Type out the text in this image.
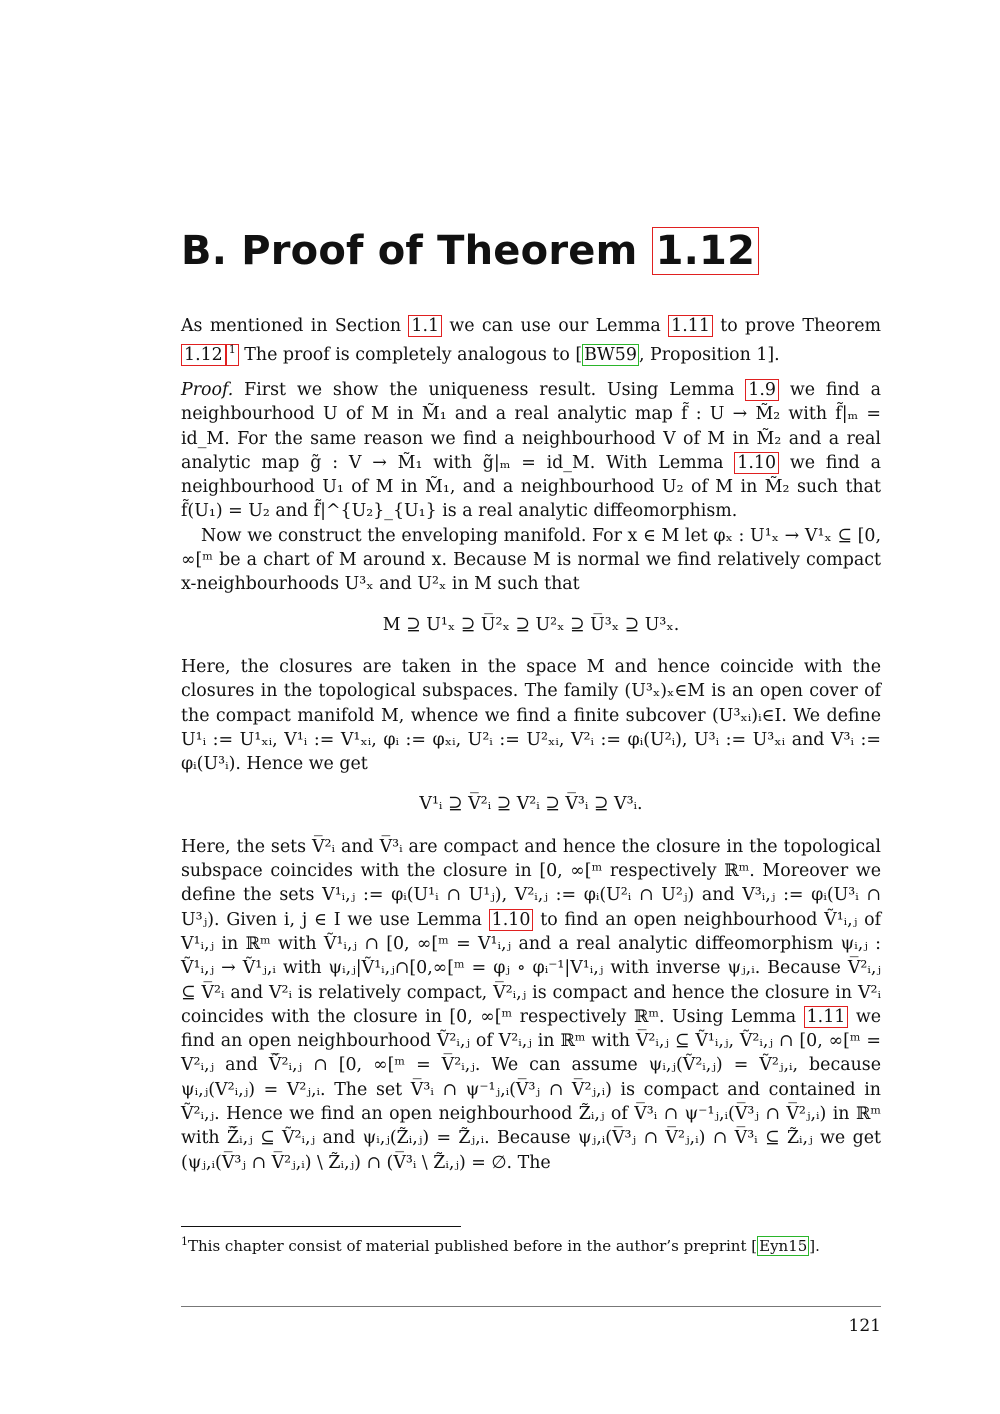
B. Proof of Theorem 1.12
As mentioned in Section 1.1 we can use our Lemma 1.11 to prove Theorem 1.12 $^1$ The proof is completely analogous to [ BW59 , Proposition 1].

Proof. First we show the uniqueness result. Using Lemma 1.9 we find a neighbourhood U of M in M̃₁ and a real analytic map f̃ : U → M̃₂ with f̃|ₘ = id_M. For the same reason we find a neighbourhood V of M in M̃₂ and a real analytic map g̃ : V → M̃₁ with g̃|ₘ = id_M. With Lemma 1.10 we find a neighbourhood U₁ of M in M̃₁, and a neighbourhood U₂ of M in M̃₂ such that f̃(U₁) = U₂ and f̃|^{U₂}_{U₁} is a real analytic diffeomorphism.

Now we construct the enveloping manifold. For x ∈ M let φₓ : U¹ₓ → V¹ₓ ⊆ [0, ∞[ᵐ be a chart of M around x. Because M is normal we find relatively compact x-neighbourhoods U³ₓ and U²ₓ in M such that

M ⊇ U¹ₓ ⊇ U̅²ₓ ⊇ U²ₓ ⊇ U̅³ₓ ⊇ U³ₓ.

Here, the closures are taken in the space M and hence coincide with the closures in the topological subspaces. The family (U³ₓ)ₓ∈M is an open cover of the compact manifold M, whence we find a finite subcover (U³ₓᵢ)ᵢ∈I. We define U¹ᵢ := U¹ₓᵢ, V¹ᵢ := V¹ₓᵢ, φᵢ := φₓᵢ, U²ᵢ := U²ₓᵢ, V²ᵢ := φᵢ(U²ᵢ), U³ᵢ := U³ₓᵢ and V³ᵢ := φᵢ(U³ᵢ). Hence we get

V¹ᵢ ⊇ V̅²ᵢ ⊇ V²ᵢ ⊇ V̅³ᵢ ⊇ V³ᵢ.

Here, the sets V̅²ᵢ and V̅³ᵢ are compact and hence the closure in the topological subspace coincides with the closure in [0, ∞[ᵐ respectively ℝᵐ. Moreover we define the sets V¹ᵢ,ⱼ := φᵢ(U¹ᵢ ∩ U¹ⱼ), V²ᵢ,ⱼ := φᵢ(U²ᵢ ∩ U²ⱼ) and V³ᵢ,ⱼ := φᵢ(U³ᵢ ∩ U³ⱼ). Given i, j ∈ I we use Lemma 1.10 to find an open neighbourhood Ṽ¹ᵢ,ⱼ of V¹ᵢ,ⱼ in ℝᵐ with Ṽ¹ᵢ,ⱼ ∩ [0, ∞[ᵐ = V¹ᵢ,ⱼ and a real analytic diffeomorphism ψᵢ,ⱼ : Ṽ¹ᵢ,ⱼ → Ṽ¹ⱼ,ᵢ with ψᵢ,ⱼ|Ṽ¹ᵢ,ⱼ∩[0,∞[ᵐ = φⱼ ∘ φᵢ⁻¹|V¹ᵢ,ⱼ with inverse ψⱼ,ᵢ. Because V̅²ᵢ,ⱼ ⊆ V̅²ᵢ and V²ᵢ is relatively compact, V̅²ᵢ,ⱼ is compact and hence the closure in V²ᵢ coincides with the closure in [0, ∞[ᵐ respectively ℝᵐ. Using Lemma 1.11 we find an open neighbourhood Ṽ²ᵢ,ⱼ of V²ᵢ,ⱼ in ℝᵐ with V̅²ᵢ,ⱼ ⊆ Ṽ¹ᵢ,ⱼ, Ṽ²ᵢ,ⱼ ∩ [0, ∞[ᵐ = V²ᵢ,ⱼ and V̅̃²ᵢ,ⱼ ∩ [0, ∞[ᵐ = V̅²ᵢ,ⱼ. We can assume ψᵢ,ⱼ(Ṽ²ᵢ,ⱼ) = Ṽ²ⱼ,ᵢ, because ψᵢ,ⱼ(V²ᵢ,ⱼ) = V²ⱼ,ᵢ. The set V̅³ᵢ ∩ ψ⁻¹ⱼ,ᵢ(V̅³ⱼ ∩ V̅²ⱼ,ᵢ) is compact and contained in Ṽ²ᵢ,ⱼ. Hence we find an open neighbourhood Z̃ᵢ,ⱼ of V̅³ᵢ ∩ ψ⁻¹ⱼ,ᵢ(V̅³ⱼ ∩ V̅²ⱼ,ᵢ) in ℝᵐ with Z̅̃ᵢ,ⱼ ⊆ Ṽ²ᵢ,ⱼ and ψᵢ,ⱼ(Z̃ᵢ,ⱼ) = Z̃ⱼ,ᵢ. Because ψⱼ,ᵢ(V̅³ⱼ ∩ V̅²ⱼ,ᵢ) ∩ V̅³ᵢ ⊆ Z̃ᵢ,ⱼ we get (ψⱼ,ᵢ(V̅³ⱼ ∩ V̅²ⱼ,ᵢ) \ Z̃ᵢ,ⱼ) ∩ (V̅³ᵢ \ Z̃ᵢ,ⱼ) = ∅. The

$^1$This chapter consist of material published before in the author’s preprint [ Eyn15 ].
121
